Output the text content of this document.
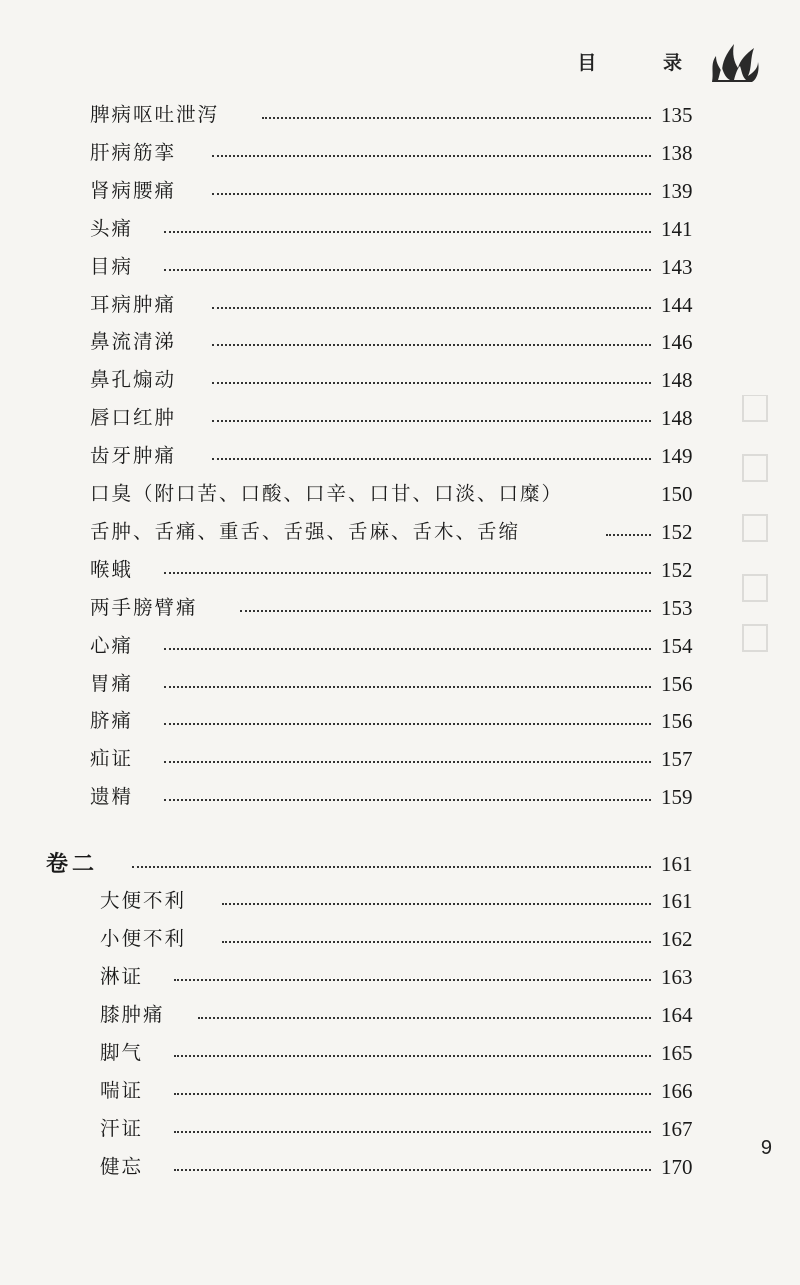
目 录
脾病呕吐泄泻	135
肝病筋挛	138
肾病腰痛	139
头痛	141
目病	143
耳病肿痛	144
鼻流清涕	146
鼻孔煽动	148
唇口红肿	148
齿牙肿痛	149
口臭（附口苦、口酸、口辛、口甘、口淡、口糜）	150
舌肿、舌痛、重舌、舌强、舌麻、舌木、舌缩	152
喉蛾	152
两手膀臂痛	153
心痛	154
胃痛	156
脐痛	156
疝证	157
遗精	159
卷二	161
大便不利	161
小便不利	162
淋证	163
膝肿痛	164
脚气	165
喘证	166
汗证	167
健忘	170
9
